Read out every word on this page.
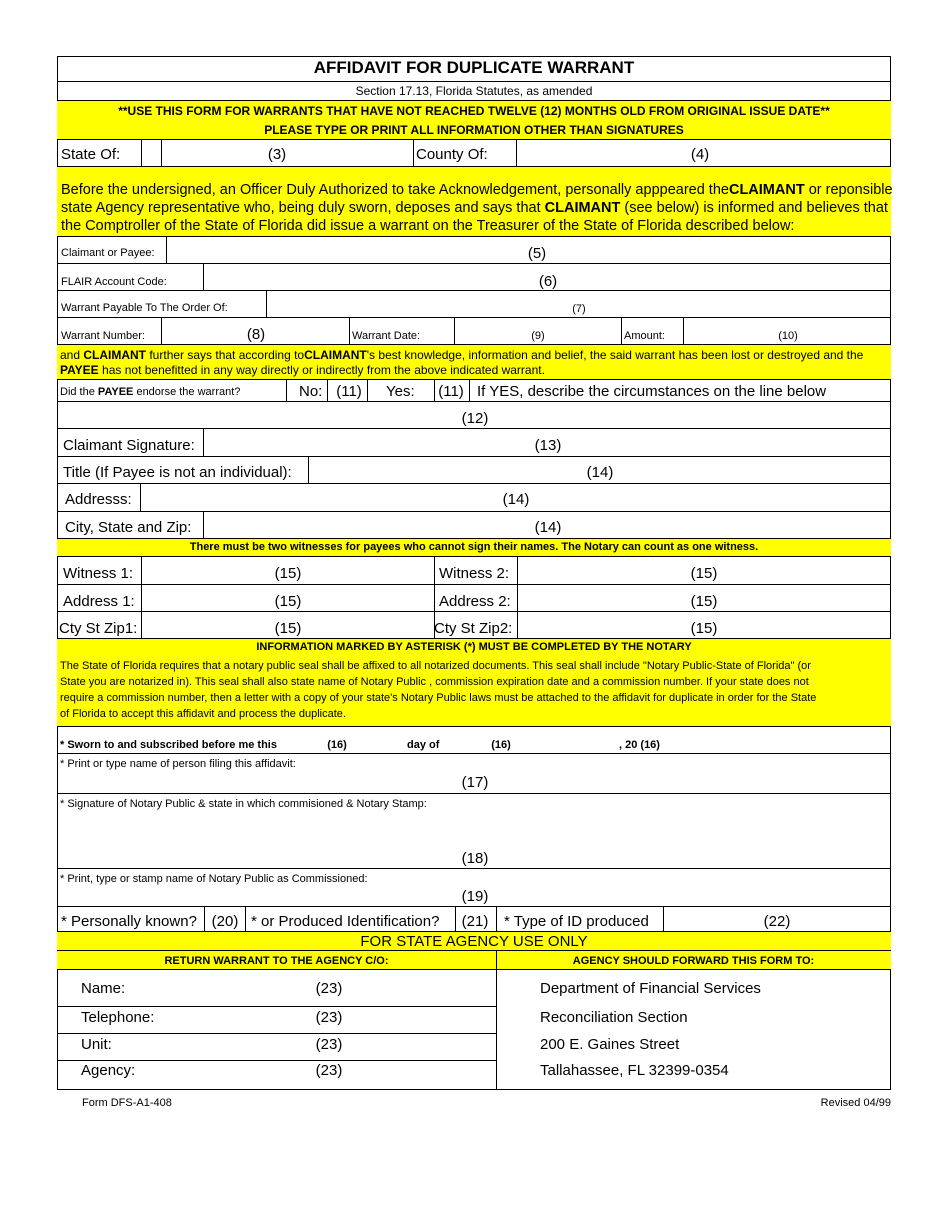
AFFIDAVIT FOR DUPLICATE WARRANT
Section 17.13, Florida Statutes, as amended
**USE THIS FORM FOR WARRANTS THAT HAVE NOT REACHED TWELVE (12) MONTHS OLD FROM ORIGINAL ISSUE DATE**
PLEASE TYPE OR PRINT ALL INFORMATION OTHER THAN SIGNATURES
State Of:	(3)	County Of:	(4)
Before the undersigned, an Officer Duly Authorized to take Acknowledgement, personally apppeared theCLAIMANT or reponsible
state Agency representative who, being duly sworn, deposes and says that CLAIMANT (see below) is informed and believes that
the Comptroller of the State of Florida did issue a warrant on the Treasurer of the State of Florida described below:
Claimant or Payee:	(5)
FLAIR Account Code:	(6)
Warrant Payable To The Order Of:	(7)
Warrant Number:	(8)	Warrant Date:	(9)	Amount:	(10)
and CLAIMANT further says that according toCLAIMANT's best knowledge, information and belief, the said warrant has been lost or destroyed and the
PAYEE has not benefitted in any way directly or indirectly from the above indicated warrant.
Did the PAYEE endorse the warrant?	No: (11) Yes: (11) If YES, describe the circumstances on the line below
(12)
Claimant Signature:	(13)
Title (If Payee is not an individual):	(14)
Addresss:	(14)
City, State and Zip:	(14)
There must be two witnesses for payees who cannot sign their names. The Notary can count as one witness.
Witness 1:	(15)	Witness 2:	(15)
Address 1:	(15)	Address 2:	(15)
Cty St Zip1:	(15)	Cty St Zip2:	(15)
INFORMATION MARKED BY ASTERISK (*) MUST BE COMPLETED BY THE NOTARY
The State of Florida requires that a notary public seal shall be affixed to all notarized documents. This seal shall include "Notary Public-State of Florida" (or
State you are notarized in). This seal shall also state name of Notary Public , commission expiration date and a commission number. If your state does not
require a commission number, then a letter with a copy of your state's Notary Public laws must be attached to the affidavit for duplicate in order for the State
of Florida to accept this affidavit and process the duplicate.
* Sworn to and subscribed before me this	(16)	day of	(16)	, 20 (16)
* Print or type name of person filing this affidavit:
(17)
* Signature of Notary Public & state in which commisioned & Notary Stamp:
(18)
* Print, type or stamp name of Notary Public as Commissioned:
(19)
* Personally known? (20) * or Produced Identification? (21) * Type of ID produced	(22)
FOR STATE AGENCY USE ONLY
RETURN WARRANT TO THE AGENCY C/O:	AGENCY SHOULD FORWARD THIS FORM TO:
Name:	(23)
Telephone:	(23)
Unit:	(23)
Agency:	(23)
Department of Financial Services
Reconciliation Section
200 E. Gaines Street
Tallahassee, FL 32399-0354
Form DFS-A1-408	Revised 04/99
